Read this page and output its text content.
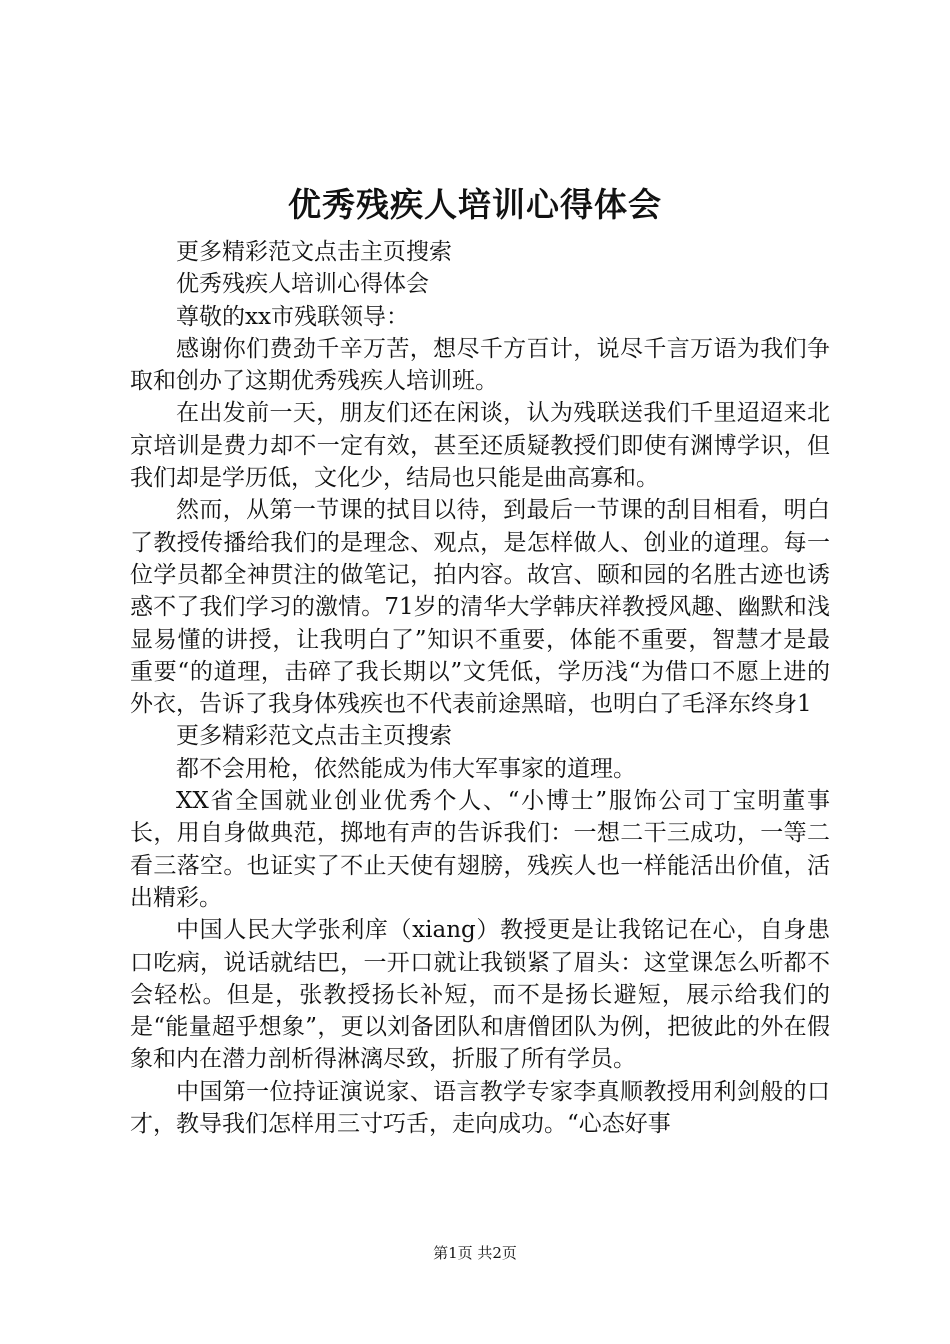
优秀残疾人培训心得体会

更多精彩范文点击主页搜索

优秀残疾人培训心得体会

尊敬的xx市残联领导：

感谢你们费劲千辛万苦，想尽千方百计，说尽千言万语为我们争取和创办了这期优秀残疾人培训班。

在出发前一天，朋友们还在闲谈，认为残联送我们千里迢迢来北京培训是费力却不一定有效，甚至还质疑教授们即使有渊博学识，但我们却是学历低，文化少，结局也只能是曲高寡和。

然而，从第一节课的拭目以待，到最后一节课的刮目相看，明白了教授传播给我们的是理念、观点，是怎样做人、创业的道理。每一位学员都全神贯注的做笔记，拍内容。故宫、颐和园的名胜古迹也诱惑不了我们学习的激情。71岁的清华大学韩庆祥教授风趣、幽默和浅显易懂的讲授，让我明白了”知识不重要，体能不重要，智慧才是最重要“的道理，击碎了我长期以”文凭低，学历浅“为借口不愿上进的外衣，告诉了我身体残疾也不代表前途黑暗，也明白了毛泽东终身1

更多精彩范文点击主页搜索

都不会用枪，依然能成为伟大军事家的道理。

XX省全国就业创业优秀个人、“小博士”服饰公司丁宝明董事长，用自身做典范，掷地有声的告诉我们：一想二干三成功，一等二看三落空。也证实了不止天使有翅膀，残疾人也一样能活出价值，活出精彩。

中国人民大学张利庠（xiang）教授更是让我铭记在心，自身患口吃病，说话就结巴，一开口就让我锁紧了眉头：这堂课怎么听都不会轻松。但是，张教授扬长补短，而不是扬长避短，展示给我们的是“能量超乎想象”，更以刘备团队和唐僧团队为例，把彼此的外在假象和内在潜力剖析得淋漓尽致，折服了所有学员。

中国第一位持证演说家、语言教学专家李真顺教授用利剑般的口才，教导我们怎样用三寸巧舌，走向成功。“心态好事

第1页 共2页
